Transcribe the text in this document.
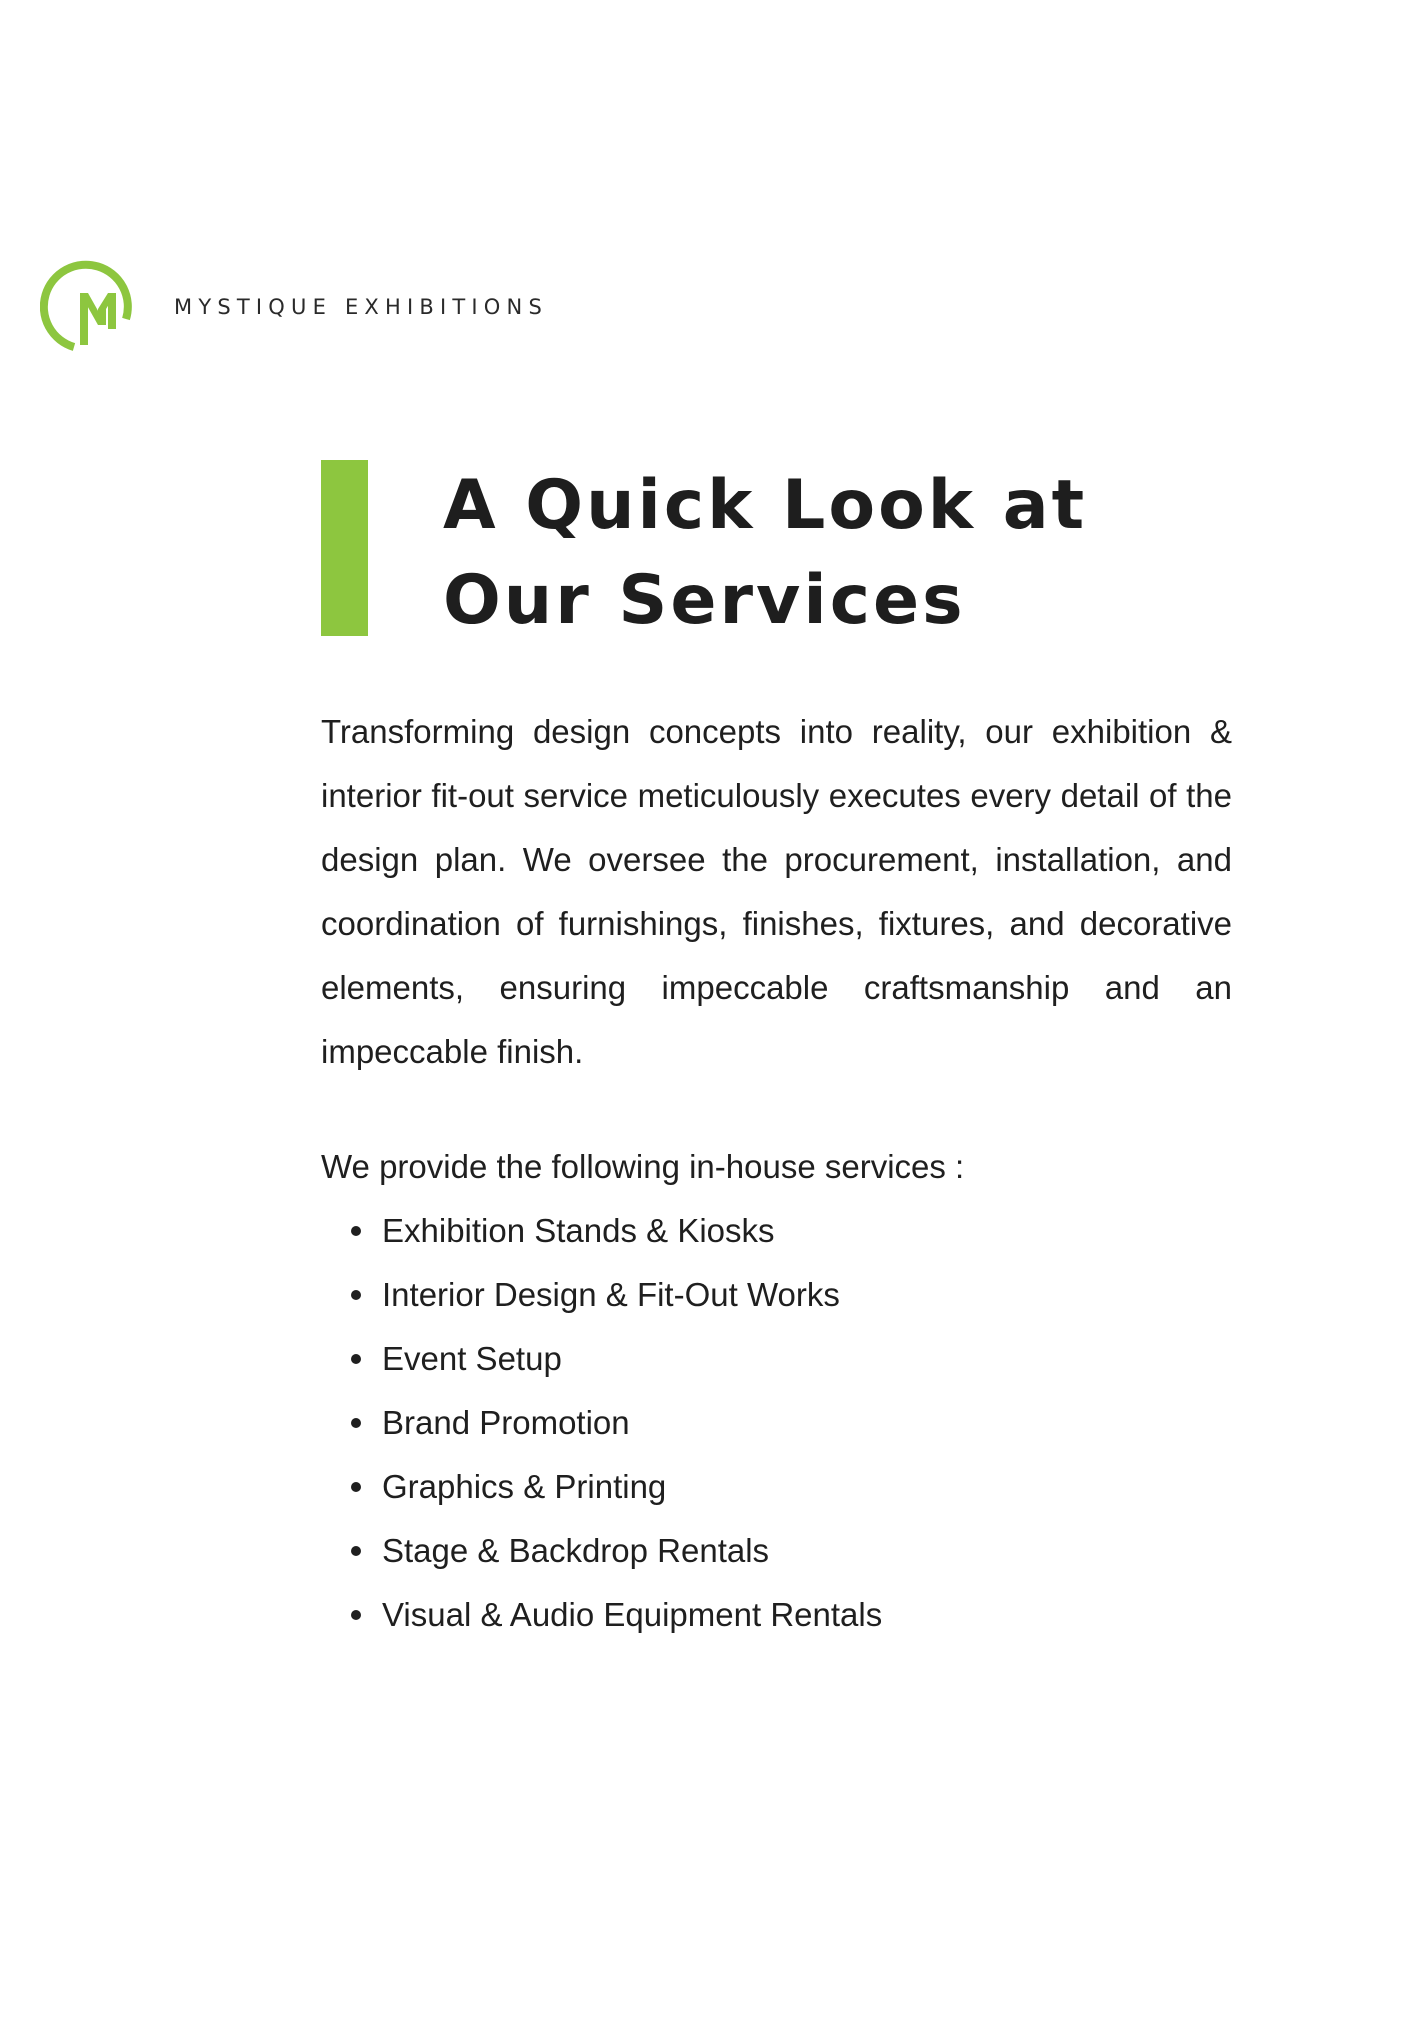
MYSTIQUE EXHIBITIONS
A Quick Look at
Our Services

Transforming design concepts into reality, our exhibition & interior fit-out service meticulously executes every detail of the design plan. We oversee the procurement, installation, and coordination of furnishings, finishes, fixtures, and decorative elements, ensuring impeccable craftsmanship and an impeccable finish.

We provide the following in-house services :

Exhibition Stands & Kiosks
Interior Design & Fit-Out Works
Event Setup
Brand Promotion
Graphics & Printing
Stage & Backdrop Rentals
Visual & Audio Equipment Rentals
